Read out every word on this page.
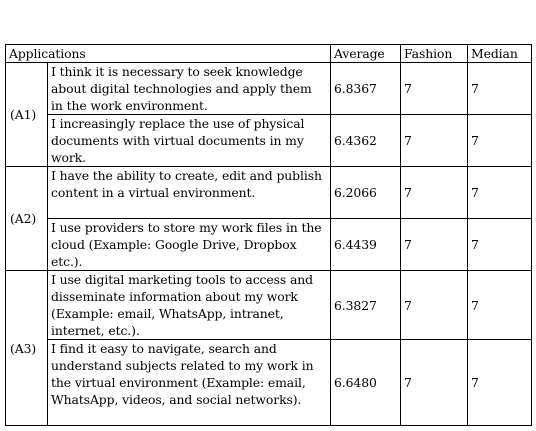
Applications		Average	Fashion	Median
(A1)	I think it is necessary to seek knowledge about digital technologies and apply them in the work environment.	6.8367	7	7
	I increasingly replace the use of physical documents with virtual documents in my work.	6.4362	7	7
(A2)	I have the ability to create, edit and publish content in a virtual environment.	6.2066	7	7
	I use providers to store my work files in the cloud (Example: Google Drive, Dropbox etc.).	6.4439	7	7
(A3)	I use digital marketing tools to access and disseminate information about my work (Example: email, WhatsApp, intranet, internet, etc.).	6.3827	7	7
	I find it easy to navigate, search and understand subjects related to my work in the virtual environment (Example: email, WhatsApp, videos, and social networks).	6.6480	7	7
